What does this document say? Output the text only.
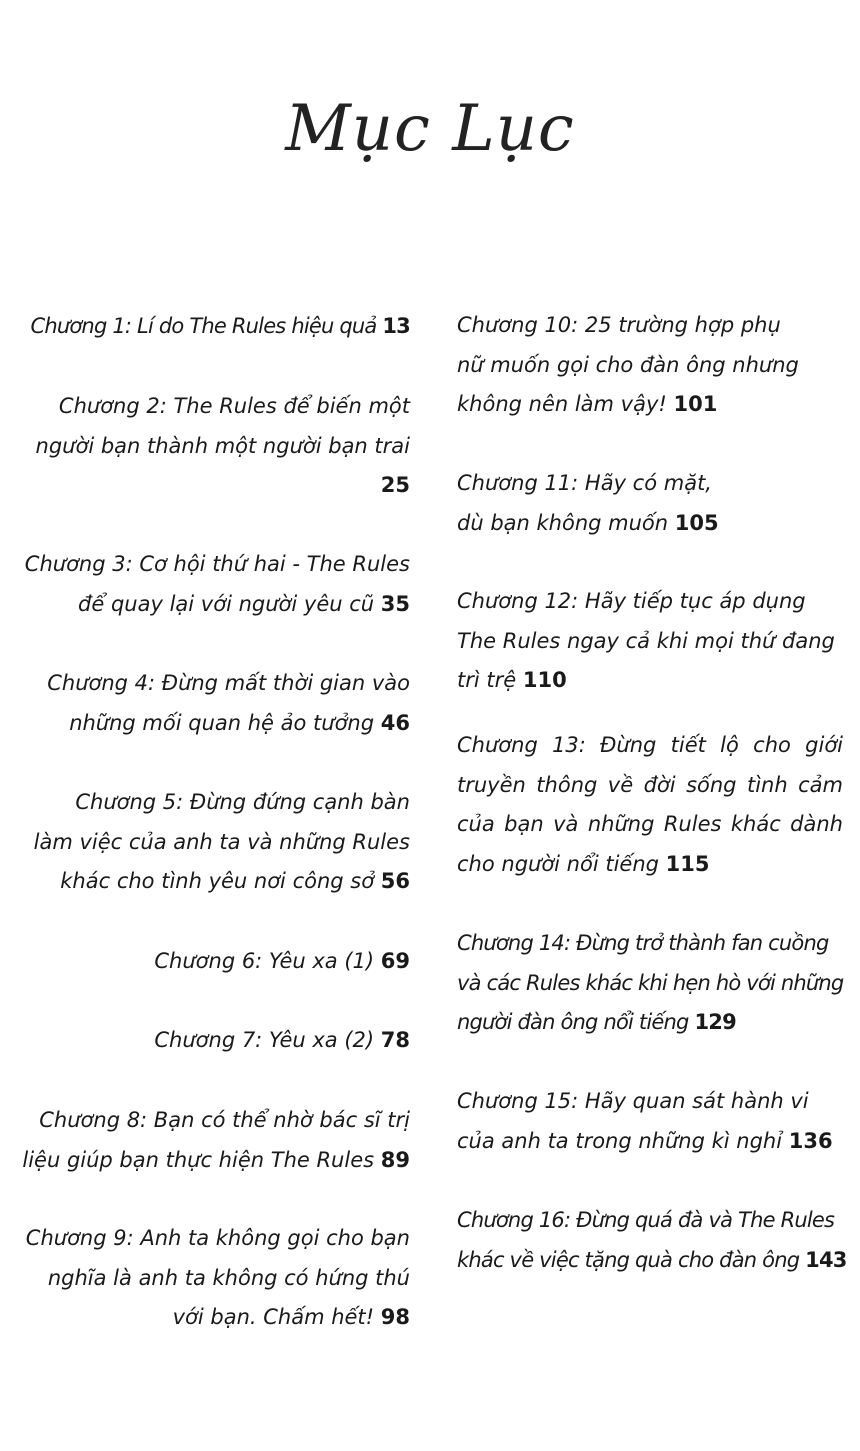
Mục Lục

Chương 1: Lí do The Rules hiệu quả 13

Chương 2: The Rules để biến một
người bạn thành một người bạn trai
25

Chương 3: Cơ hội thứ hai - The Rules
để quay lại với người yêu cũ 35

Chương 4: Đừng mất thời gian vào
những mối quan hệ ảo tưởng 46

Chương 5: Đừng đứng cạnh bàn
làm việc của anh ta và những Rules
khác cho tình yêu nơi công sở 56

Chương 6: Yêu xa (1) 69

Chương 7: Yêu xa (2) 78

Chương 8: Bạn có thể nhờ bác sĩ trị
liệu giúp bạn thực hiện The Rules 89

Chương 9: Anh ta không gọi cho bạn
nghĩa là anh ta không có hứng thú
với bạn. Chấm hết! 98

Chương 10: 25 trường hợp phụ
nữ muốn gọi cho đàn ông nhưng
không nên làm vậy! 101

Chương 11: Hãy có mặt,
dù bạn không muốn 105

Chương 12: Hãy tiếp tục áp dụng
The Rules ngay cả khi mọi thứ đang
trì trệ 110

Chương 13: Đừng tiết lộ cho giới truyền thông về đời sống tình cảm của bạn và những Rules khác dành cho người nổi tiếng 115

Chương 14: Đừng trở thành fan cuồng
và các Rules khác khi hẹn hò với những
người đàn ông nổi tiếng 129

Chương 15: Hãy quan sát hành vi
của anh ta trong những kì nghỉ 136

Chương 16: Đừng quá đà và The Rules
khác về việc tặng quà cho đàn ông 143
